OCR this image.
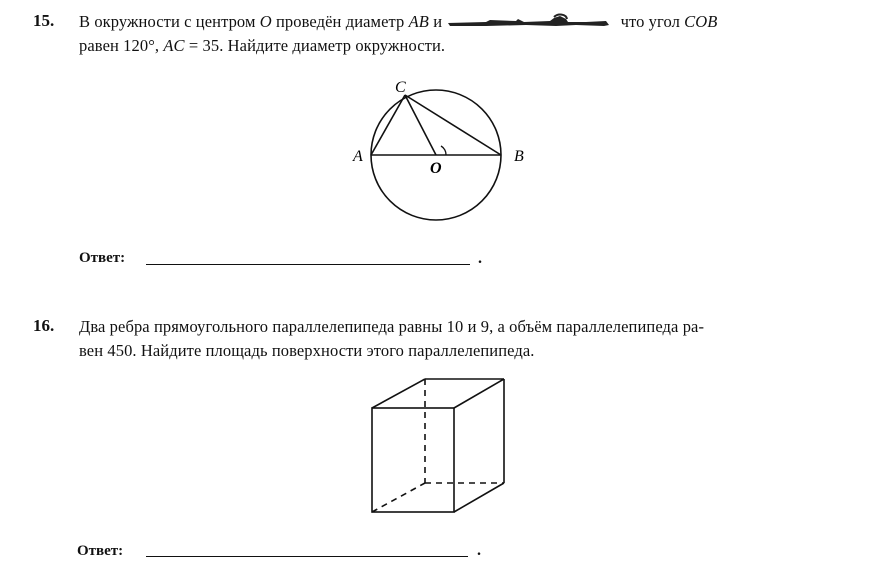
15. В окружности с центром O проведён диаметр AB и	что угол COB
равен 120°, AC = 35. Найдите диаметр окружности.
A	B
C
O
Ответ:	.
16. Два ребра прямоугольного параллелепипеда равны 10 и 9, а объём параллелепипеда ра-
вен 450. Найдите площадь поверхности этого параллелепипеда.
Ответ:	.
